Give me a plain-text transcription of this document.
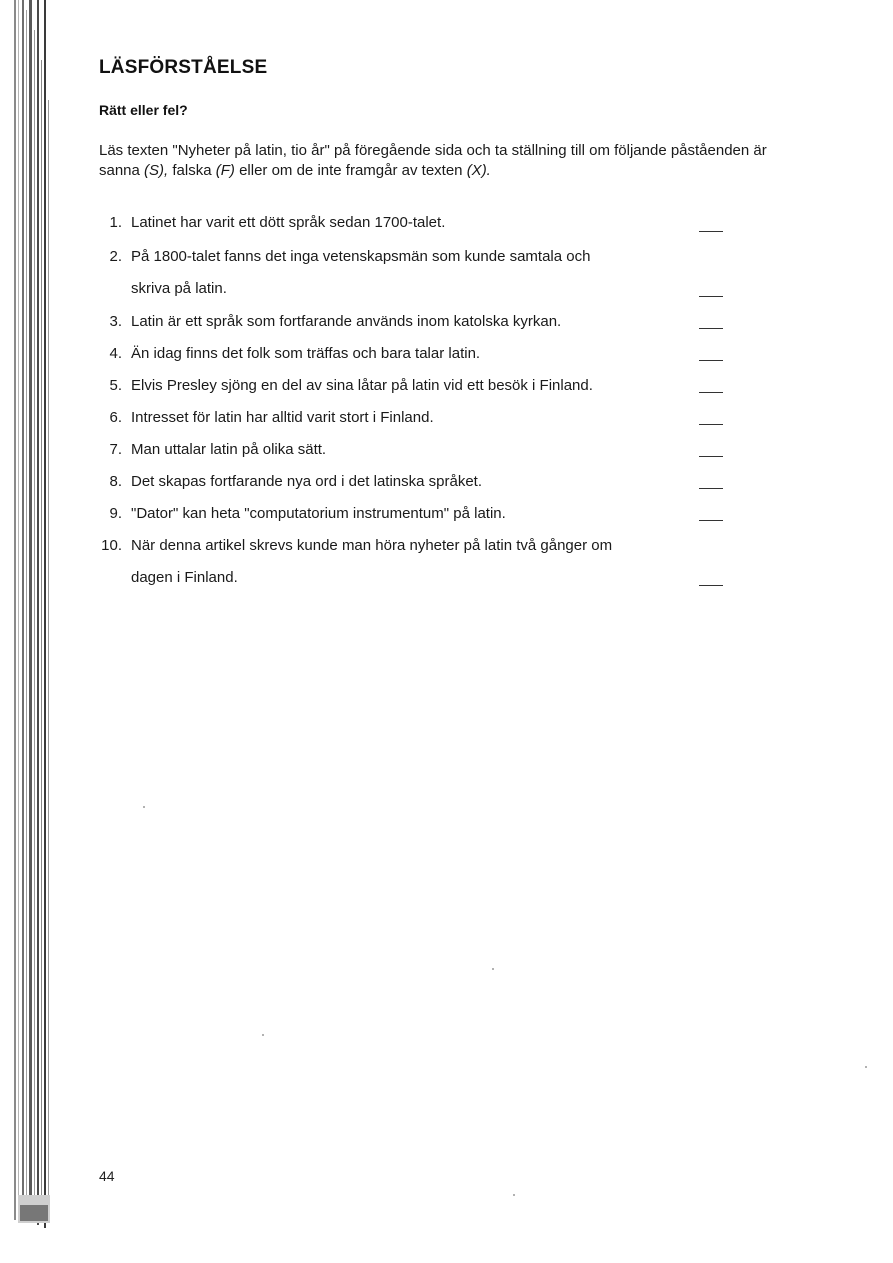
LÄSFÖRSTÅELSE
Rätt eller fel?

Läs texten "Nyheter på latin, tio år" på föregående sida och ta ställning till om följande påståenden är sanna (S), falska (F) eller om de inte framgår av texten (X).

1. Latinet har varit ett dött språk sedan 1700-talet.
2. På 1800-talet fanns det inga vetenskapsmän som kunde samtala och
skriva på latin.
3. Latin är ett språk som fortfarande används inom katolska kyrkan.
4. Än idag finns det folk som träffas och bara talar latin.
5. Elvis Presley sjöng en del av sina låtar på latin vid ett besök i Finland.
6. Intresset för latin har alltid varit stort i Finland.
7. Man uttalar latin på olika sätt.
8. Det skapas fortfarande nya ord i det latinska språket.
9. "Dator" kan heta "computatorium instrumentum" på latin.
10. När denna artikel skrevs kunde man höra nyheter på latin två gånger om
dagen i Finland.
44
